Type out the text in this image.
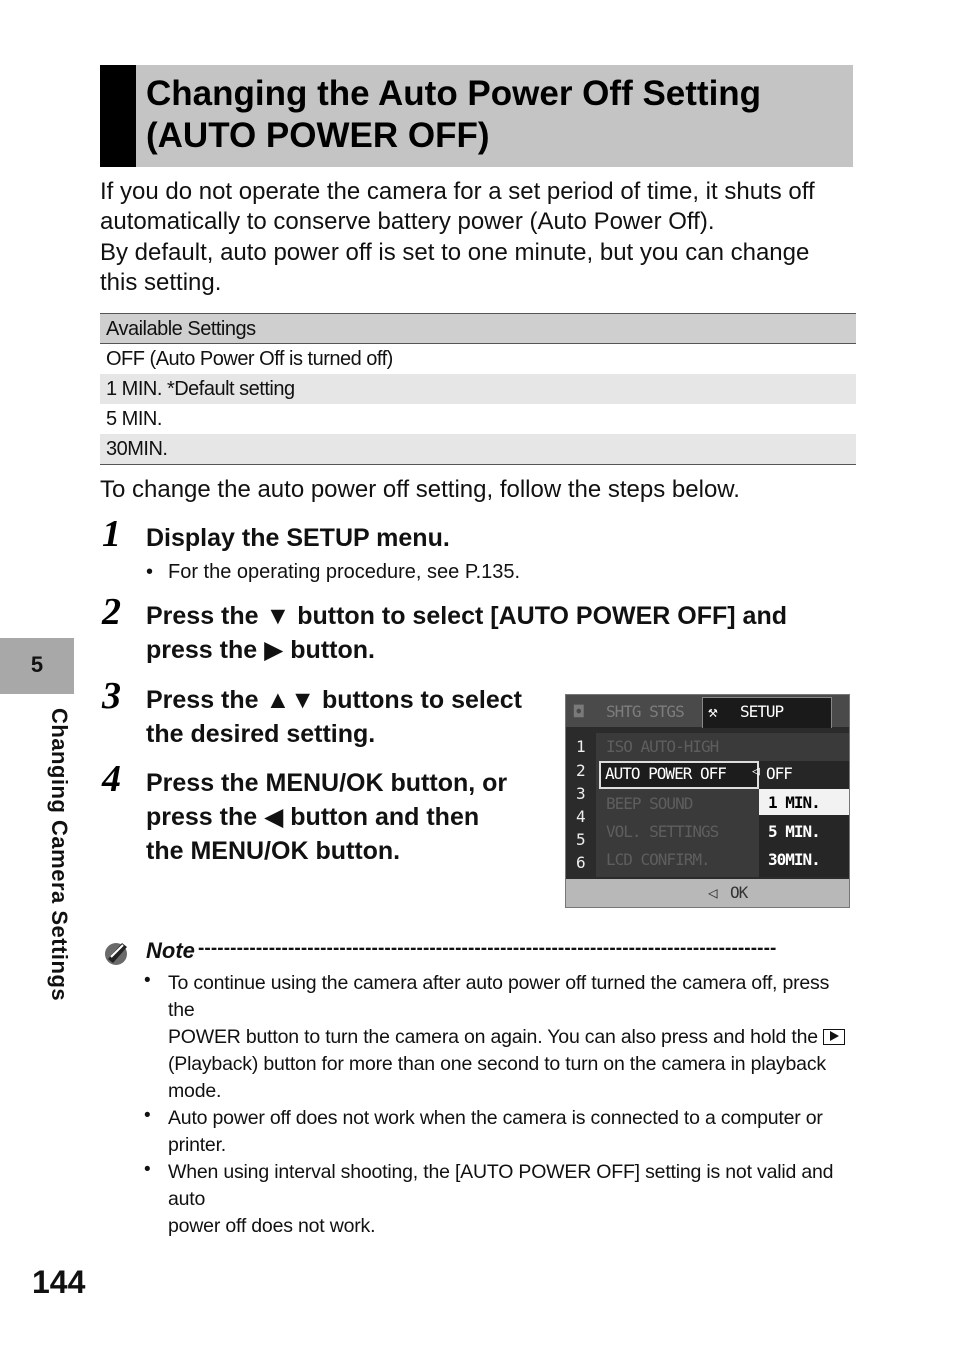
Changing the Auto Power Off Setting
(AUTO POWER OFF)

If you do not operate the camera for a set period of time, it shuts off
automatically to conserve battery power (Auto Power Off).

By default, auto power off is set to one minute, but you can change
this setting.

Available Settings
OFF (Auto Power Off is turned off)
1 MIN. *Default setting
5 MIN.
30MIN.
To change the auto power off setting, follow the steps below.
1 Display the SETUP menu.

• For the operating procedure, see P.135.
2 Press the ▼ button to select [AUTO POWER OFF] and
press the ▶ button.

3 Press the ▲▼ buttons to select
the desired setting.

4 Press the MENU/OK button, or
press the ◀ button and then
the MENU/OK button.

◘ SHTG STGS ⚒ SETUP
1
2
3
4
5
6
ISO AUTO-HIGH
AUTO POWER OFF
BEEP SOUND
VOL. SETTINGS
LCD CONFIRM.
◁ OFF
1 MIN.
5 MIN.
30MIN.
◁ OK
Note ------------------------------------------------------------------------------------------
• To continue using the camera after auto power off turned the camera off, press the
POWER button to turn the camera on again. You can also press and hold the
(Playback) button for more than one second to turn on the camera in playback mode.
• Auto power off does not work when the camera is connected to a computer or printer.
• When using interval shooting, the [AUTO POWER OFF] setting is not valid and auto
power off does not work.
5
Changing Camera Settings
144
